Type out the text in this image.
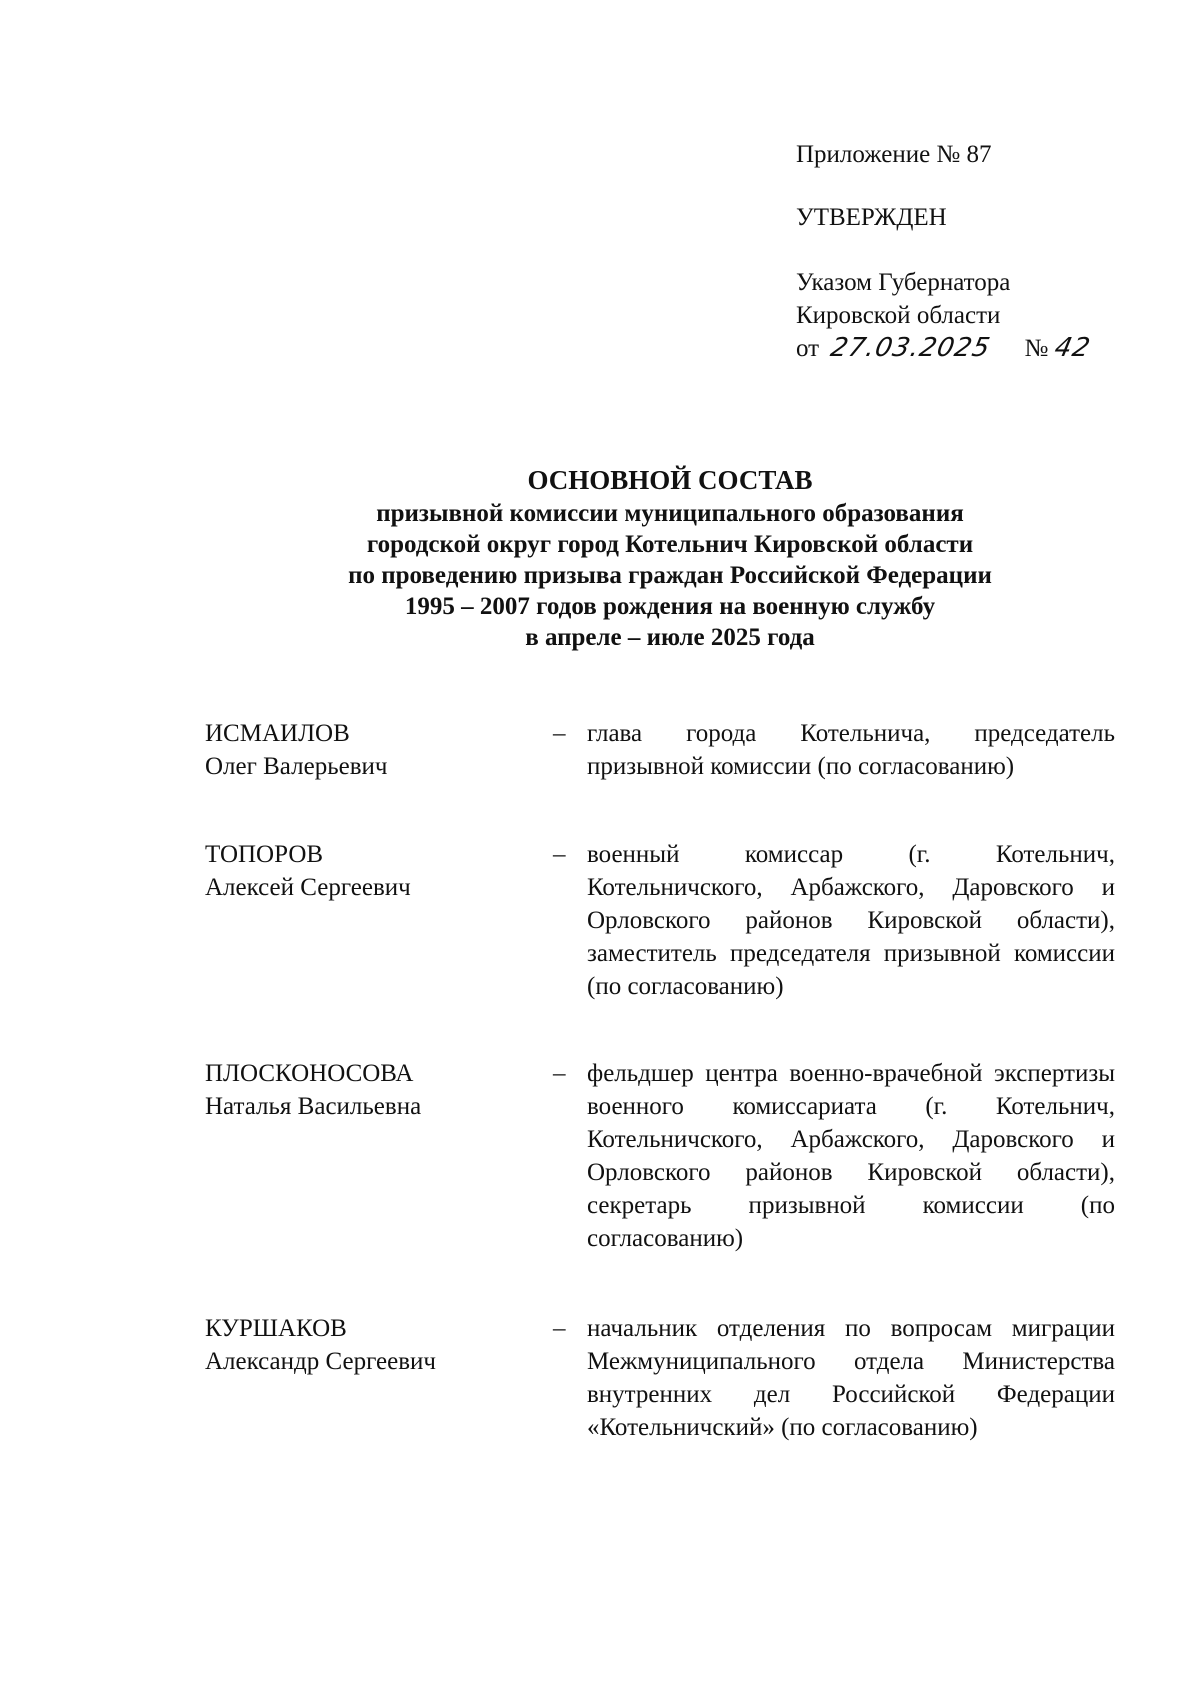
Приложение № 87
УТВЕРЖДЕН
Указом Губернатора
Кировской области
от 27.03.2025 № 42
ОСНОВНОЙ СОСТАВ
призывной комиссии муниципального образования
городской округ город Котельнич Кировской области
по проведению призыва граждан Российской Федерации
1995 – 2007 годов рождения на военную службу
в апреле – июле 2025 года
ИСМАИЛОВ
Олег Валерьевич
– глава города Котельнича, председатель призывной комиссии (по согласованию)
ТОПОРОВ
Алексей Сергеевич
– военный комиссар (г. Котельнич, Котельничского, Арбажского, Даровского и Орловского районов Кировской области), заместитель председателя призывной комиссии (по согласованию)
ПЛОСКОНОСОВА
Наталья Васильевна
– фельдшер центра военно-врачебной экспертизы военного комиссариата (г. Котельнич, Котельничского, Арбажского, Даровского и Орловского районов Кировской области), секретарь призывной комиссии (по согласованию)
КУРШАКОВ
Александр Сергеевич
– начальник отделения по вопросам миграции Межмуниципального отдела Министерства внутренних дел Российской Федерации «Котельничский» (по согласованию)
